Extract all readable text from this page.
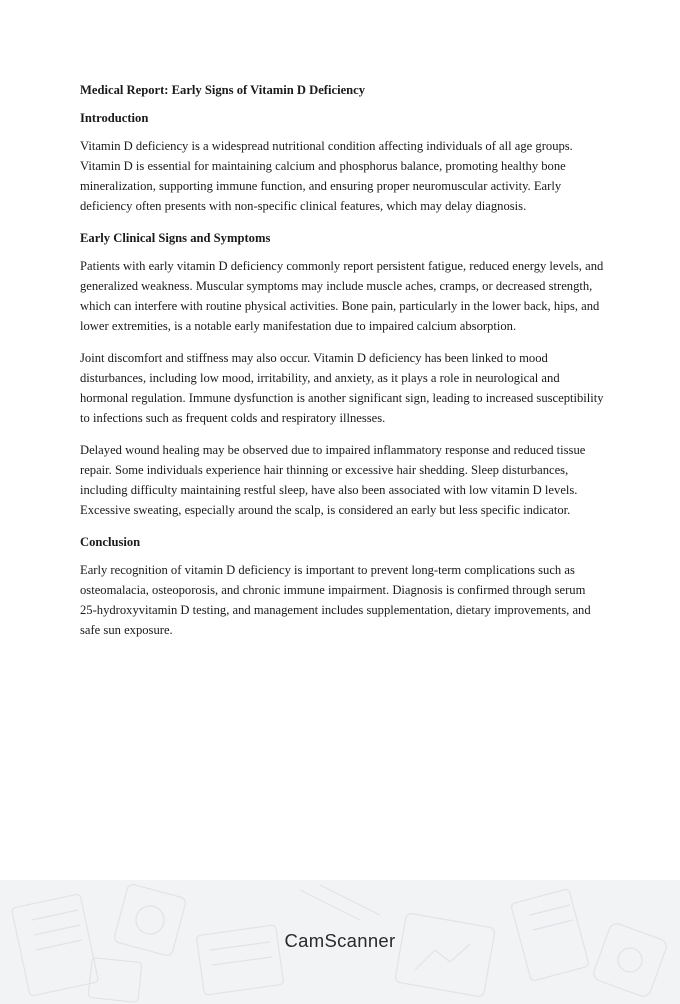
Medical Report: Early Signs of Vitamin D Deficiency
Introduction

Vitamin D deficiency is a widespread nutritional condition affecting individuals of all age groups. Vitamin D is essential for maintaining calcium and phosphorus balance, promoting healthy bone mineralization, supporting immune function, and ensuring proper neuromuscular activity. Early deficiency often presents with non-specific clinical features, which may delay diagnosis.

Early Clinical Signs and Symptoms

Patients with early vitamin D deficiency commonly report persistent fatigue, reduced energy levels, and generalized weakness. Muscular symptoms may include muscle aches, cramps, or decreased strength, which can interfere with routine physical activities. Bone pain, particularly in the lower back, hips, and lower extremities, is a notable early manifestation due to impaired calcium absorption.

Joint discomfort and stiffness may also occur. Vitamin D deficiency has been linked to mood disturbances, including low mood, irritability, and anxiety, as it plays a role in neurological and hormonal regulation. Immune dysfunction is another significant sign, leading to increased susceptibility to infections such as frequent colds and respiratory illnesses.

Delayed wound healing may be observed due to impaired inflammatory response and reduced tissue repair. Some individuals experience hair thinning or excessive hair shedding. Sleep disturbances, including difficulty maintaining restful sleep, have also been associated with low vitamin D levels. Excessive sweating, especially around the scalp, is considered an early but less specific indicator.

Conclusion

Early recognition of vitamin D deficiency is important to prevent long-term complications such as osteomalacia, osteoporosis, and chronic immune impairment. Diagnosis is confirmed through serum 25-hydroxyvitamin D testing, and management includes supplementation, dietary improvements, and safe sun exposure.

CamScanner
